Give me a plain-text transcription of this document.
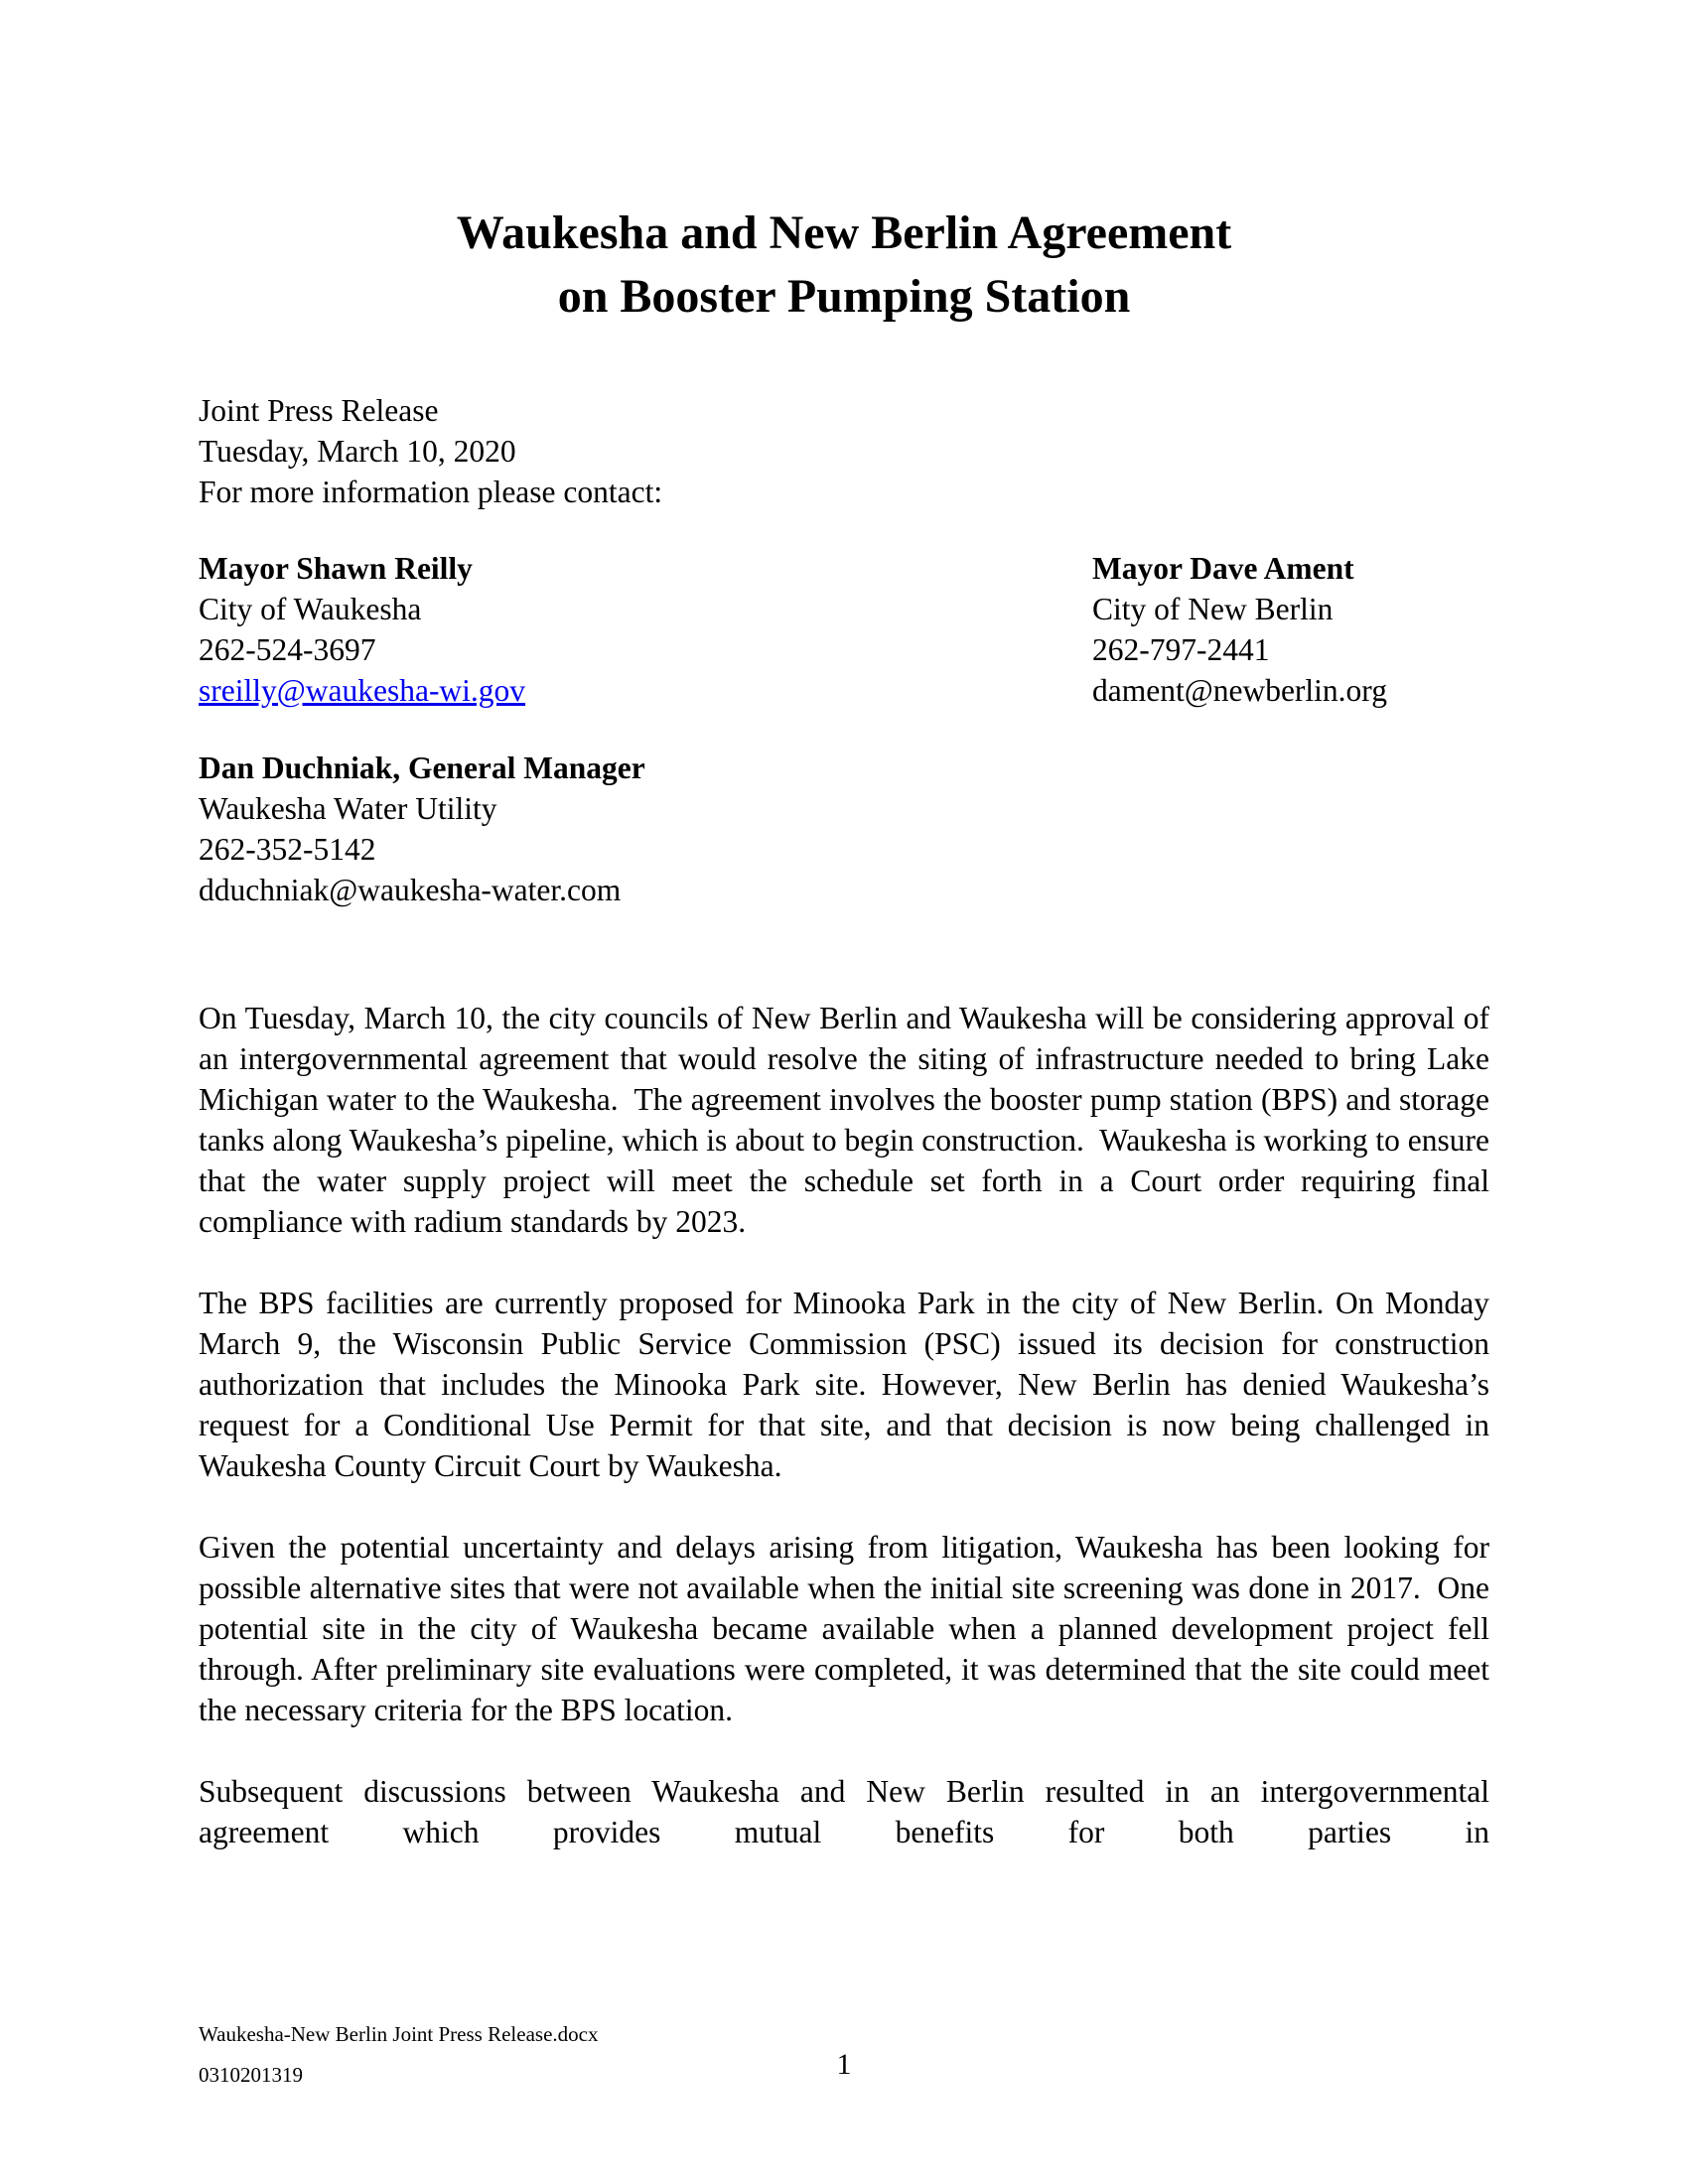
Waukesha and New Berlin Agreement
on Booster Pumping Station
Joint Press Release
Tuesday, March 10, 2020
For more information please contact:
Mayor Shawn Reilly
City of Waukesha
262-524-3697
sreilly@waukesha-wi.gov
Mayor Dave Ament
City of New Berlin
262-797-2441
dament@newberlin.org
Dan Duchniak, General Manager
Waukesha Water Utility
262-352-5142
dduchniak@waukesha-water.com

On Tuesday, March 10, the city councils of New Berlin and Waukesha will be considering approval of an intergovernmental agreement that would resolve the siting of infrastructure needed to bring Lake Michigan water to the Waukesha.  The agreement involves the booster pump station (BPS) and storage tanks along Waukesha’s pipeline, which is about to begin construction.  Waukesha is working to ensure that the water supply project will meet the schedule set forth in a Court order requiring final compliance with radium standards by 2023.

The BPS facilities are currently proposed for Minooka Park in the city of New Berlin. On Monday March 9, the Wisconsin Public Service Commission (PSC) issued its decision for construction authorization that includes the Minooka Park site. However, New Berlin has denied Waukesha’s request for a Conditional Use Permit for that site, and that decision is now being challenged in Waukesha County Circuit Court by Waukesha.

Given the potential uncertainty and delays arising from litigation, Waukesha has been looking for possible alternative sites that were not available when the initial site screening was done in 2017.  One potential site in the city of Waukesha became available when a planned development project fell through. After preliminary site evaluations were completed, it was determined that the site could meet the necessary criteria for the BPS location.

Subsequent discussions between Waukesha and New Berlin resulted in an intergovernmental agreement which provides mutual benefits for both parties in

Waukesha-New Berlin Joint Press Release.docx
0310201319	1
